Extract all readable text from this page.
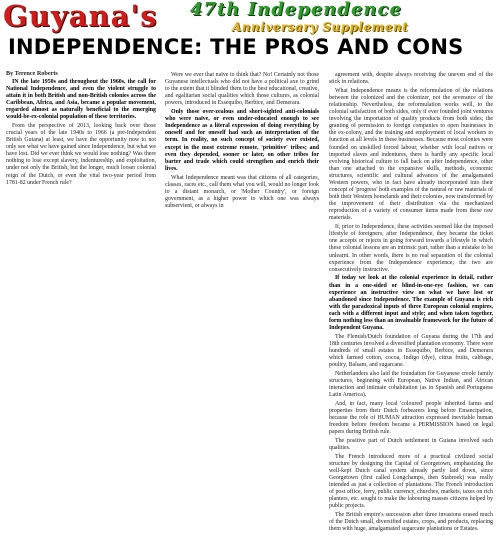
Guyana's 47th Independence
Anniversary Supplement
INDEPENDENCE: THE PROS AND CONS

By Terence Roberts

IN the late 1950s and throughout the 1960s, the call for National Independence, and even the violent struggle to attain it in both British and non-British colonies across the Caribbean, Africa, and Asia, became a popular movement, regarded almost as naturally beneficial to the emerging would-be-ex-colonial population of these territories.

From the perspective of 2013, looking back over those crucial years of the late 1940s to 1966 (a pre-Independent British Guiana) at least, we have the opportunity now to not only see what we have gained since Independence, but what we have lost. Did we ever think we would lose nothing? Was there nothing to lose except slavery, indentureship, and exploitation, under not only the British, but the longer, much looser colonial reign of the Dutch, or even the vital two-year period from 1781-82 under French rule?

Were we ever that naïve to think that? No! Certainly not those Guyanese intellectuals who did not have a political axe to grind to the extent that it blinded them to the best educational, creative, and egalitarian social qualities which those cultures, as colonial powers, introduced in Essequibo, Berbice, and Demerara.

Only those over-zealous and short-sighted anti-colonials who were naïve, or even under-educated enough to see Independence as a literal expression of doing everything by oneself and for oneself had such an interpretation of the term. In reality, no such concept of society ever existed, except in the most extreme remote, 'primitive' tribes; and even they depended, sooner or later, on other tribes for barter and trade which could strengthen and enrich their lives.

What Independence meant was that citizens of all categories, classes, races etc., call them what you will, would no longer look to a distant monarch, or 'Mother Country', or foreign government, as a higher power to which one was always subservient, or always in

agreement with, despite always receiving the uneven end of the stick in relations.

What Independence means is the reformulation of the relations between the colonized and the colonizer, not the severance of the relationship. Nevertheless, the reformulation works well, to the colonial satisfaction of both sides, only if ever founded joint ventures involving the importation of quality products from both sides; the granting of permission to foreign companies to open businesses in the ex-colony, and the training and employment of local workers to function at all levels in these businesses. Because most colonies were founded on unskilled forced labour, whether with local natives or imported slaves and indentures, there is hardly any specific local evolving historical culture to fall back on after Independence, other than one attached to the expansive skills, methods, economic structures, scientific and cultural advances of the amalgamated Western powers, who in fact have already incorporated into their concept of 'progress' both examples of the natural or raw materials of both their Western homelands and their colonies, now transformed by the improvement of their distribution via the mechanized reproduction of a variety of consumer items made from these raw materials.

If, prior to Independence, these activities seemed like the imposed lifestyle of foreigners, after Independence, they became the ticket one accepts or rejects in going forward towards a lifestyle in which these colonial lessons are an intrinsic part, rather than a mistake to be unlearnt. In other words, there is no real separation of the colonial experience from the Independence experience; the two are consecutively instructive.

If today we look at the colonial experience in detail, rather than in a one-sided or blind-in-one-eye fashion, we can experience an instructive view on what we have lost or abandoned since Independence. The example of Guyana is rich with the paradoxical inputs of three European colonial empires, each with a different input and style; and when taken together, form nothing less than an invaluable framework for the future of Independent Guyana.

The Flemish/Dutch foundation of Guyana during the 17th and 18th centuries involved a diversified plantation economy. There were hundreds of small estates in Essequibo, Berbice, and Demerara which farmed cotton, cocoa, Indigo (dye), citrus fruits, cabbage, poultry, Balsam, and sugarcane.

Netherlanders also laid the foundation for Guyanese creole family structures, beginning with European, Native Indian, and African interaction and intimate cohabitation (as in Spanish and Portuguese Latin America).

And, in fact, many local 'coloured' people inherited farms and properties from their Dutch forbearers long before Emancipation, because the role of HUMAN attraction expressed inevitable human freedom before freedom became a PERMISSION based on legal papers during British rule.

The positive part of Dutch settlement in Guiana involved such qualities.

The French introduced more of a practical civilized social structure by designing the Capital of Georgetown, emphasizing the well-kept Dutch canal system already partly laid down, since Georgetown (first called Longchamps, then Stabroek) was really intended as just a collection of plantations. The French introduction of post office, ferry, public currency, churches, markets, taxes on rich planters, etc. sought to make the labouring masses citizens helped by public projects.

The British empire's succession after three invasions erased much of the Dutch small, diversified estates, crops, and products, replacing them with huge, amalgamated sugarcane plantations or Estates.
